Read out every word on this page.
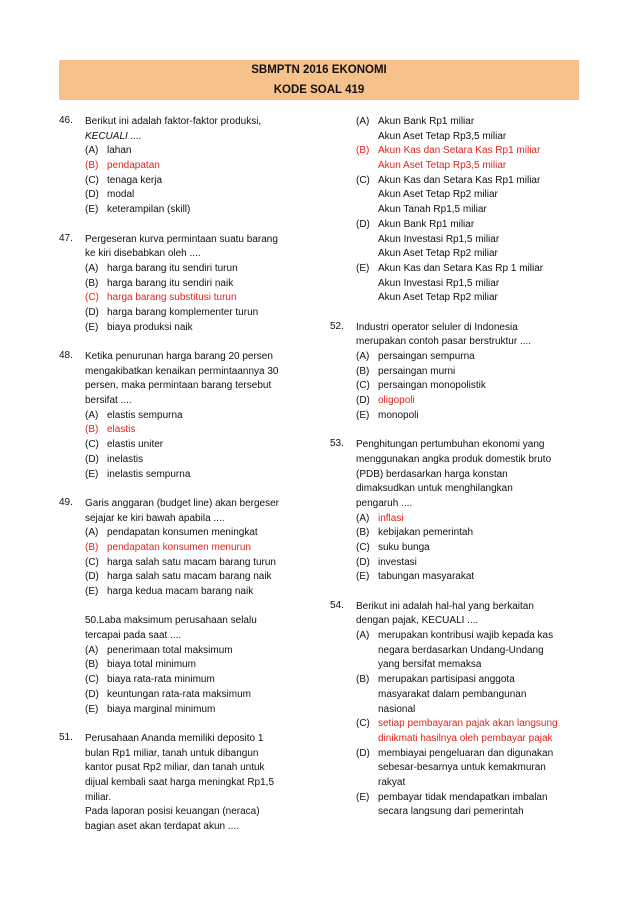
SBMPTN 2016 EKONOMI
KODE SOAL 419
46. Berikut ini adalah faktor-faktor produksi,
KECUALI ....
(A) lahan
(B) pendapatan
(C) tenaga kerja
(D) modal
(E) keterampilan (skill)
47. Pergeseran kurva permintaan suatu barang
ke kiri disebabkan oleh ....
(A) harga barang itu sendiri turun
(B) harga barang itu sendiri naik
(C) harga barang substitusi turun
(D) harga barang komplementer turun
(E) biaya produksi naik
48. Ketika penurunan harga barang 20 persen
mengakibatkan kenaikan permintaannya 30
persen, maka permintaan barang tersebut
bersifat ....
(A) elastis sempurna
(B) elastis
(C) elastis uniter
(D) inelastis
(E) inelastis sempurna
49. Garis anggaran (budget line) akan bergeser
sejajar ke kiri bawah apabila ....
(A) pendapatan konsumen meningkat
(B) pendapatan konsumen menurun
(C) harga salah satu macam barang turun
(D) harga salah satu macam barang naik
(E) harga kedua macam barang naik
50.Laba maksimum perusahaan selalu
tercapai pada saat ....
(A) penerimaan total maksimum
(B) biaya total minimum
(C) biaya rata-rata minimum
(D) keuntungan rata-rata maksimum
(E) biaya marginal minimum
51. Perusahaan Ananda memiliki deposito 1
bulan Rp1 miliar, tanah untuk dibangun
kantor pusat Rp2 miliar, dan tanah untuk
dijual kembali saat harga meningkat Rp1,5
miliar.
Pada laporan posisi keuangan (neraca)
bagian aset akan terdapat akun ....
(A) Akun Bank Rp1 miliar
Akun Aset Tetap Rp3,5 miliar
(B) Akun Kas dan Setara Kas Rp1 miliar
Akun Aset Tetap Rp3,5 miliar
(C) Akun Kas dan Setara Kas Rp1 miliar
Akun Aset Tetap Rp2 miliar
Akun Tanah Rp1,5 miliar
(D) Akun Bank Rp1 miliar
Akun Investasi Rp1,5 miliar
Akun Aset Tetap Rp2 miliar
(E) Akun Kas dan Setara Kas Rp 1 miliar
Akun Investasi Rp1,5 miliar
Akun Aset Tetap Rp2 miliar
52. Industri operator seluler di Indonesia
merupakan contoh pasar berstruktur ....
(A) persaingan sempurna
(B) persaingan murni
(C) persaingan monopolistik
(D) oligopoli
(E) monopoli
53. Penghitungan pertumbuhan ekonomi yang
menggunakan angka produk domestik bruto
(PDB) berdasarkan harga konstan
dimaksudkan untuk menghilangkan
pengaruh ....
(A) inflasi
(B) kebijakan pemerintah
(C) suku bunga
(D) investasi
(E) tabungan masyarakat
54. Berikut ini adalah hal-hal yang berkaitan
dengan pajak, KECUALI ....
(A) merupakan kontribusi wajib kepada kas
negara berdasarkan Undang-Undang
yang bersifat memaksa
(B) merupakan partisipasi anggota
masyarakat dalam pembangunan
nasional
(C) setiap pembayaran pajak akan langsung
dinikmati hasilnya oleh pembayar pajak
(D) membiayai pengeluaran dan digunakan
sebesar-besarnya untuk kemakmuran
rakyat
(E) pembayar tidak mendapatkan imbalan
secara langsung dari pemerintah
